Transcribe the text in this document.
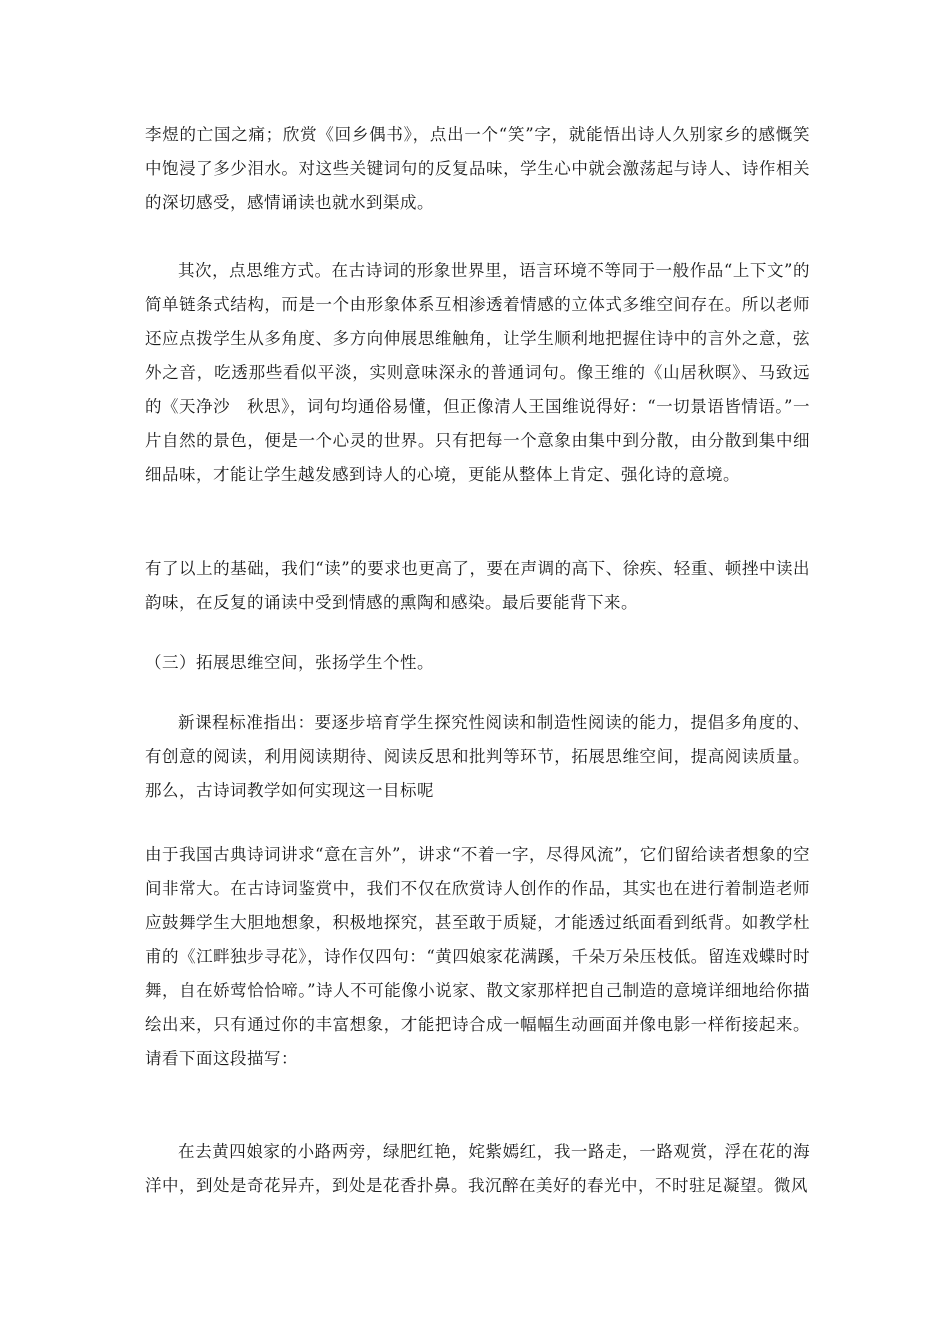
李煜的亡国之痛；欣赏《回乡偶书》，点出一个“笑”字，就能悟出诗人久别家乡的感慨笑中饱浸了多少泪水。对这些关键词句的反复品味，学生心中就会激荡起与诗人、诗作相关的深切感受，感情诵读也就水到渠成。

其次，点思维方式。在古诗词的形象世界里，语言环境不等同于一般作品“上下文”的简单链条式结构，而是一个由形象体系互相渗透着情感的立体式多维空间存在。所以老师还应点拨学生从多角度、多方向伸展思维触角，让学生顺利地把握住诗中的言外之意，弦外之音，吃透那些看似平淡，实则意味深永的普通词句。像王维的《山居秋暝》、马致远的《天净沙　秋思》，词句均通俗易懂，但正像清人王国维说得好：“一切景语皆情语。”一片自然的景色，便是一个心灵的世界。只有把每一个意象由集中到分散，由分散到集中细细品味，才能让学生越发感到诗人的心境，更能从整体上肯定、强化诗的意境。

有了以上的基础，我们“读”的要求也更高了，要在声调的高下、徐疾、轻重、顿挫中读出韵味，在反复的诵读中受到情感的熏陶和感染。最后要能背下来。

（三）拓展思维空间，张扬学生个性。

新课程标准指出：要逐步培育学生探究性阅读和制造性阅读的能力，提倡多角度的、有创意的阅读，利用阅读期待、阅读反思和批判等环节，拓展思维空间，提高阅读质量。那么，古诗词教学如何实现这一目标呢

由于我国古典诗词讲求“意在言外”，讲求“不着一字，尽得风流”，它们留给读者想象的空间非常大。在古诗词鉴赏中，我们不仅在欣赏诗人创作的作品，其实也在进行着制造老师应鼓舞学生大胆地想象，积极地探究，甚至敢于质疑，才能透过纸面看到纸背。如教学杜甫的《江畔独步寻花》，诗作仅四句：“黄四娘家花满蹊，千朵万朵压枝低。留连戏蝶时时舞，自在娇莺恰恰啼。”诗人不可能像小说家、散文家那样把自己制造的意境详细地给你描绘出来，只有通过你的丰富想象，才能把诗合成一幅幅生动画面并像电影一样衔接起来。请看下面这段描写：

在去黄四娘家的小路两旁，绿肥红艳，姹紫嫣红，我一路走，一路观赏，浮在花的海洋中，到处是奇花异卉，到处是花香扑鼻。我沉醉在美好的春光中，不时驻足凝望。微风
